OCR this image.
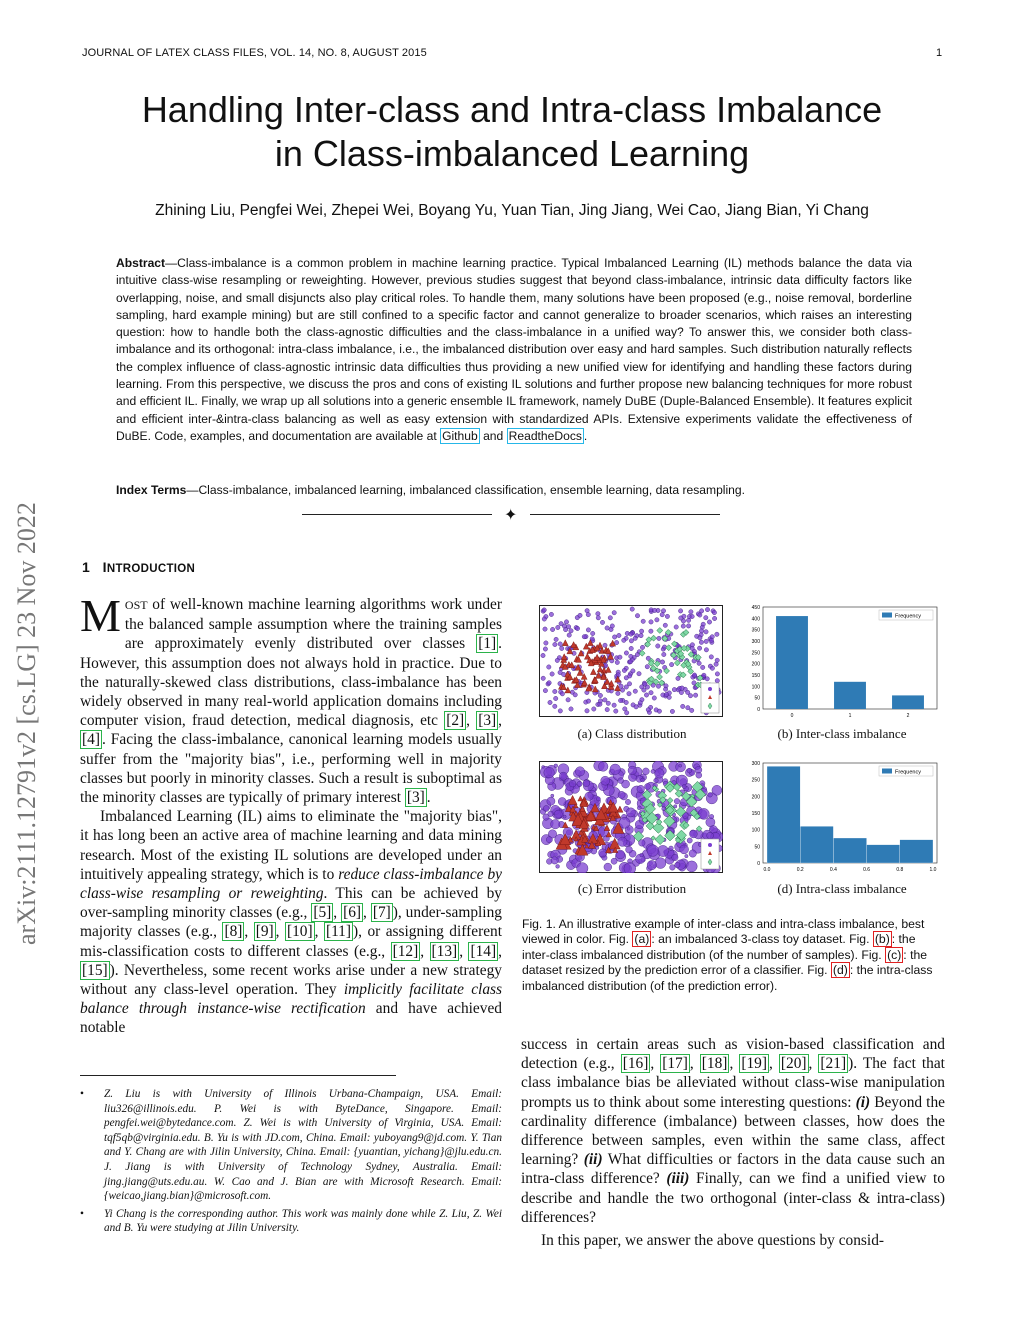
JOURNAL OF LATEX CLASS FILES, VOL. 14, NO. 8, AUGUST 2015	1
Handling Inter-class and Intra-class Imbalance
in Class-imbalanced Learning
Zhining Liu, Pengfei Wei, Zhepei Wei, Boyang Yu, Yuan Tian, Jing Jiang, Wei Cao, Jiang Bian, Yi Chang
Abstract—Class-imbalance is a common problem in machine learning practice. Typical Imbalanced Learning (IL) methods balance the data via intuitive class-wise resampling or reweighting. However, previous studies suggest that beyond class-imbalance, intrinsic data difficulty factors like overlapping, noise, and small disjuncts also play critical roles. To handle them, many solutions have been proposed (e.g., noise removal, borderline sampling, hard example mining) but are still confined to a specific factor and cannot generalize to broader scenarios, which raises an interesting question: how to handle both the class-agnostic difficulties and the class-imbalance in a unified way? To answer this, we consider both class-imbalance and its orthogonal: intra-class imbalance, i.e., the imbalanced distribution over easy and hard samples. Such distribution naturally reflects the complex influence of class-agnostic intrinsic data difficulties thus providing a new unified view for identifying and handling these factors during learning. From this perspective, we discuss the pros and cons of existing IL solutions and further propose new balancing techniques for more robust and efficient IL. Finally, we wrap up all solutions into a generic ensemble IL framework, namely DuBE (Duple-Balanced Ensemble). It features explicit and efficient inter-&intra-class balancing as well as easy extension with standardized APIs. Extensive experiments validate the effectiveness of DuBE. Code, examples, and documentation are available at Github and ReadtheDocs .
Index Terms—Class-imbalance, imbalanced learning, imbalanced classification, ensemble learning, data resampling.
✦
arXiv:2111.12791v2 [cs.LG] 23 Nov 2022	1 INTRODUCTION

MOST of well-known machine learning algorithms work under the balanced sample assumption where the training samples are approximately evenly distributed over classes [1] . However, this assumption does not always hold in practice. Due to the naturally-skewed class distributions, class-imbalance has been widely observed in many real-world application domains including computer vision, fraud detection, medical diagnosis, etc [2] , [3] , [4] . Facing the class-imbalance, canonical learning models usually suffer from the "majority bias", i.e., performing well in majority classes but poorly in minority classes. Such a result is suboptimal as the minority classes are typically of primary interest [3] .

Imbalanced Learning (IL) aims to eliminate the "majority bias", it has long been an active area of machine learning and data mining research. Most of the existing IL solutions are developed under an intuitively appealing strategy, which is to reduce class-imbalance by class-wise resampling or reweighting. This can be achieved by over-sampling minority classes (e.g., [5] , [6] , [7] ), under-sampling majority classes (e.g., [8] , [9] , [10] , [11] ), or assigning different mis-classification costs to different classes (e.g., [12] , [13] , [14] , [15] ). Nevertheless, some recent works arise under a new strategy without any class-level operation. They implicitly facilitate class balance through instance-wise rectification and have achieved notable

• Z. Liu is with University of Illinois Urbana-Champaign, USA. Email: liu326@illinois.edu. P. Wei is with ByteDance, Singapore. Email: pengfei.wei@bytedance.com. Z. Wei is with University of Virginia, USA. Email: tqf5qb@virginia.edu. B. Yu is with JD.com, China. Email: yuboyang9@jd.com. Y. Tian and Y. Chang are with Jilin University, China. Email: {yuantian, yichang}@jlu.edu.cn. J. Jiang is with University of Technology Sydney, Australia. Email: jing.jiang@uts.edu.au. W. Cao and J. Bian are with Microsoft Research. Email: {weicao,jiang.bian}@microsoft.com.
• Yi Chang is the corresponding author. This work was mainly done while Z. Liu, Z. Wei and B. Yu were studying at Jilin University.
0
50
100
150
200
250
300
350
400
450
0	1	2
Frequency
(a) Class distribution	(b) Inter-class imbalance
0
50
100
150
200
250
300
0.0	0.2	0.4	0.6	0.8	1.0
Frequency
(c) Error distribution	(d) Intra-class imbalance
Fig. 1. An illustrative example of inter-class and intra-class imbalance, best viewed in color. Fig. (a) : an imbalanced 3-class toy dataset. Fig. (b) : the inter-class imbalanced distribution (of the number of samples). Fig. (c) : the dataset resized by the prediction error of a classifier. Fig. (d) : the intra-class imbalanced distribution (of the prediction error).

success in certain areas such as vision-based classification and detection (e.g., [16] , [17] , [18] , [19] , [20] , [21] ). The fact that class imbalance bias be alleviated without class-wise manipulation prompts us to think about some interesting questions: (i) Beyond the cardinality difference (imbalance) between classes, how does the difference between samples, even within the same class, affect learning? (ii) What difficulties or factors in the data cause such an intra-class difference? (iii) Finally, can we find a unified view to describe and handle the two orthogonal (inter-class & intra-class) differences?

In this paper, we answer the above questions by consid-
